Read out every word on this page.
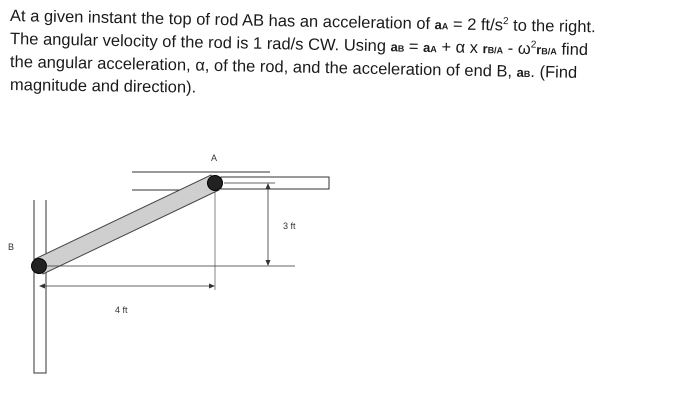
At a given instant the top of rod AB has an acceleration of aA = 2 $ft/s^2$ to the right.
The angular velocity of the rod is 1 rad/s CW. Using aB = aA + α x $rB/A - \omega^2rB/A$ find
the angular acceleration, α, of the rod, and the acceleration of end B, aB. (Find
magnitude and direction).
A
B
3 ft
4 ft
